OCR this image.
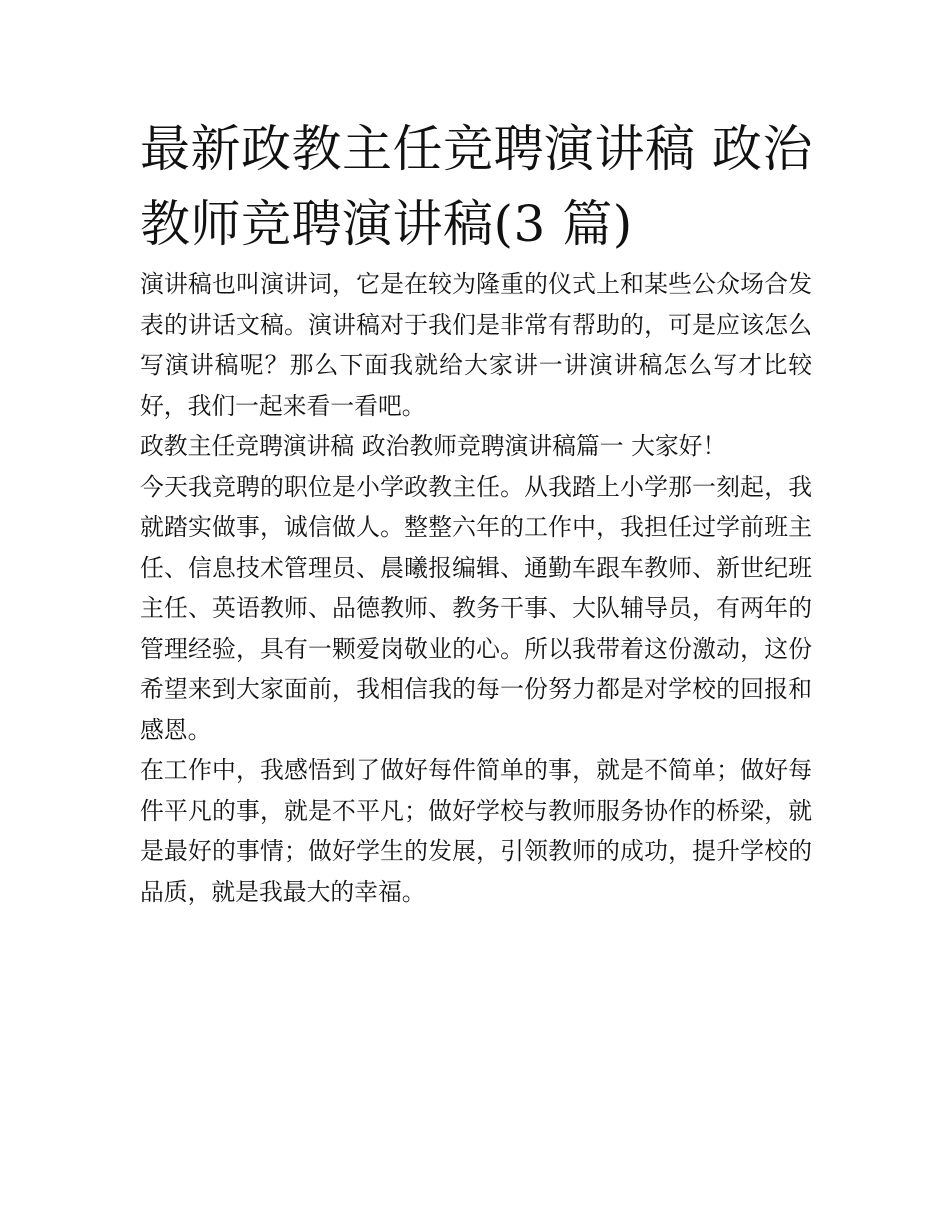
最新政教主任竞聘演讲稿 政治
教师竞聘演讲稿(3 篇)

演讲稿也叫演讲词，它是在较为隆重的仪式上和某些公众场合发表的讲话文稿。演讲稿对于我们是非常有帮助的，可是应该怎么写演讲稿呢？那么下面我就给大家讲一讲演讲稿怎么写才比较好，我们一起来看一看吧。

政教主任竞聘演讲稿 政治教师竞聘演讲稿篇一 大家好！

今天我竞聘的职位是小学政教主任。从我踏上小学那一刻起，我就踏实做事，诚信做人。整整六年的工作中，我担任过学前班主任、信息技术管理员、晨曦报编辑、通勤车跟车教师、新世纪班主任、英语教师、品德教师、教务干事、大队辅导员，有两年的管理经验，具有一颗爱岗敬业的心。所以我带着这份激动，这份希望来到大家面前，我相信我的每一份努力都是对学校的回报和感恩。

在工作中，我感悟到了做好每件简单的事，就是不简单；做好每件平凡的事，就是不平凡；做好学校与教师服务协作的桥梁，就是最好的事情；做好学生的发展，引领教师的成功，提升学校的品质，就是我最大的幸福。
